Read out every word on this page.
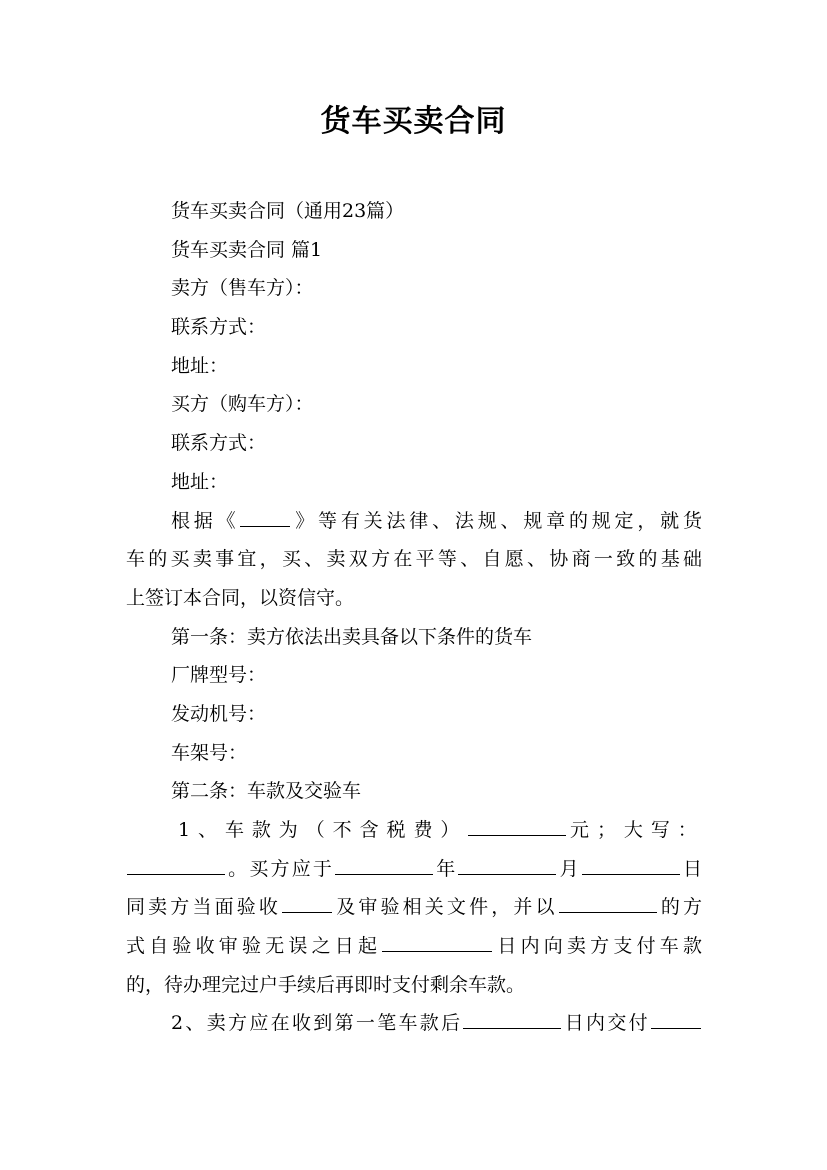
货车买卖合同
货车买卖合同（通用23篇）
货车买卖合同 篇1
卖方（售车方）：
联系方式：
地址：
买方（购车方）：
联系方式：
地址：
根据《	》等有关法律、法规、规章的规定，就货
车的买卖事宜，买、卖双方在平等、自愿、协商一致的基础
上签订本合同，以资信守。
第一条：卖方依法出卖具备以下条件的货车
厂牌型号：
发动机号：
车架号：
第二条：车款及交验车
1、车款为（不含税费）	元；大写：
。买方应于	年	月	日
同卖方当面验收	及审验相关文件，并以	的方
式自验收审验无误之日起	日内向卖方支付车款
的，待办理完过户手续后再即时支付剩余车款。
2、卖方应在收到第一笔车款后	日内交付
